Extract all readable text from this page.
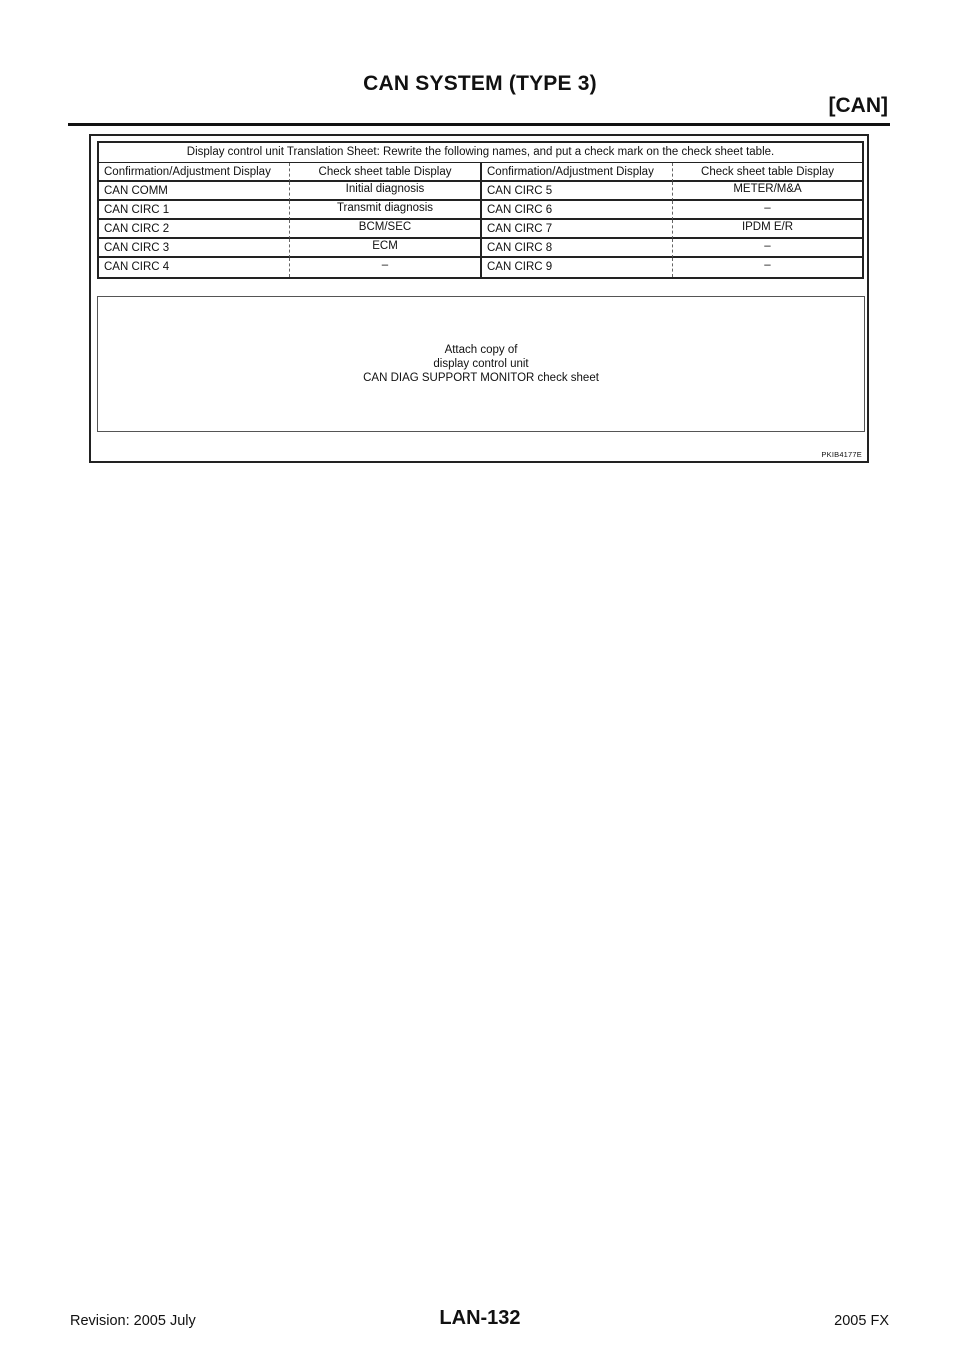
CAN SYSTEM (TYPE 3)
[CAN]
Display control unit Translation Sheet: Rewrite the following names, and put a check mark on the check sheet table.
Confirmation/Adjustment Display	Check sheet table Display	Confirmation/Adjustment Display	Check sheet table Display
CAN COMM	Initial diagnosis	CAN CIRC 5	METER/M&A
CAN CIRC 1	Transmit diagnosis	CAN CIRC 6	–
CAN CIRC 2	BCM/SEC	CAN CIRC 7	IPDM E/R
CAN CIRC 3	ECM	CAN CIRC 8	–
CAN CIRC 4	–	CAN CIRC 9	–
Attach copy of
display control unit
CAN DIAG SUPPORT MONITOR check sheet
PKIB4177E
Revision: 2005 July	LAN-132	2005 FX
